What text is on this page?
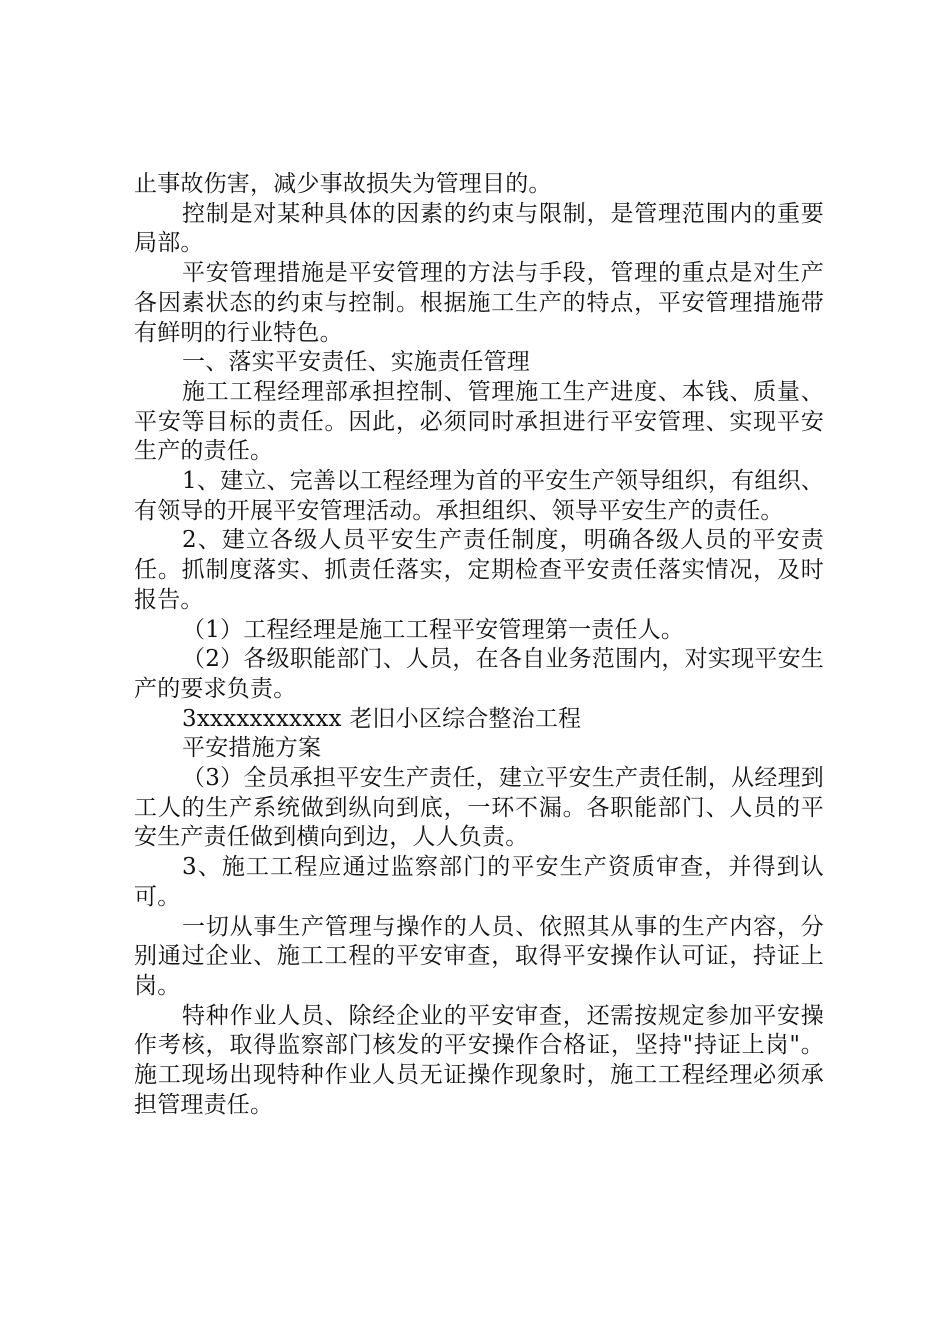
止事故伤害，减少事故损失为管理目的。

控制是对某种具体的因素的约束与限制，是管理范围内的重要局部。

平安管理措施是平安管理的方法与手段，管理的重点是对生产各因素状态的约束与控制。根据施工生产的特点，平安管理措施带有鲜明的行业特色。

一、落实平安责任、实施责任管理

施工工程经理部承担控制、管理施工生产进度、本钱、质量、平安等目标的责任。因此，必须同时承担进行平安管理、实现平安生产的责任。

1、建立、完善以工程经理为首的平安生产领导组织，有组织、有领导的开展平安管理活动。承担组织、领导平安生产的责任。

2、建立各级人员平安生产责任制度，明确各级人员的平安责任。抓制度落实、抓责任落实，定期检查平安责任落实情况，及时报告。

（1）工程经理是施工工程平安管理第一责任人。

（2）各级职能部门、人员，在各自业务范围内，对实现平安生产的要求负责。

3xxxxxxxxxxx 老旧小区综合整治工程

平安措施方案

（3）全员承担平安生产责任，建立平安生产责任制，从经理到工人的生产系统做到纵向到底，一环不漏。各职能部门、人员的平安生产责任做到横向到边，人人负责。

3、施工工程应通过监察部门的平安生产资质审查，并得到认可。

一切从事生产管理与操作的人员、依照其从事的生产内容，分别通过企业、施工工程的平安审查，取得平安操作认可证，持证上岗。

特种作业人员、除经企业的平安审查，还需按规定参加平安操作考核，取得监察部门核发的平安操作合格证，坚持"持证上岗"。施工现场出现特种作业人员无证操作现象时，施工工程经理必须承担管理责任。
